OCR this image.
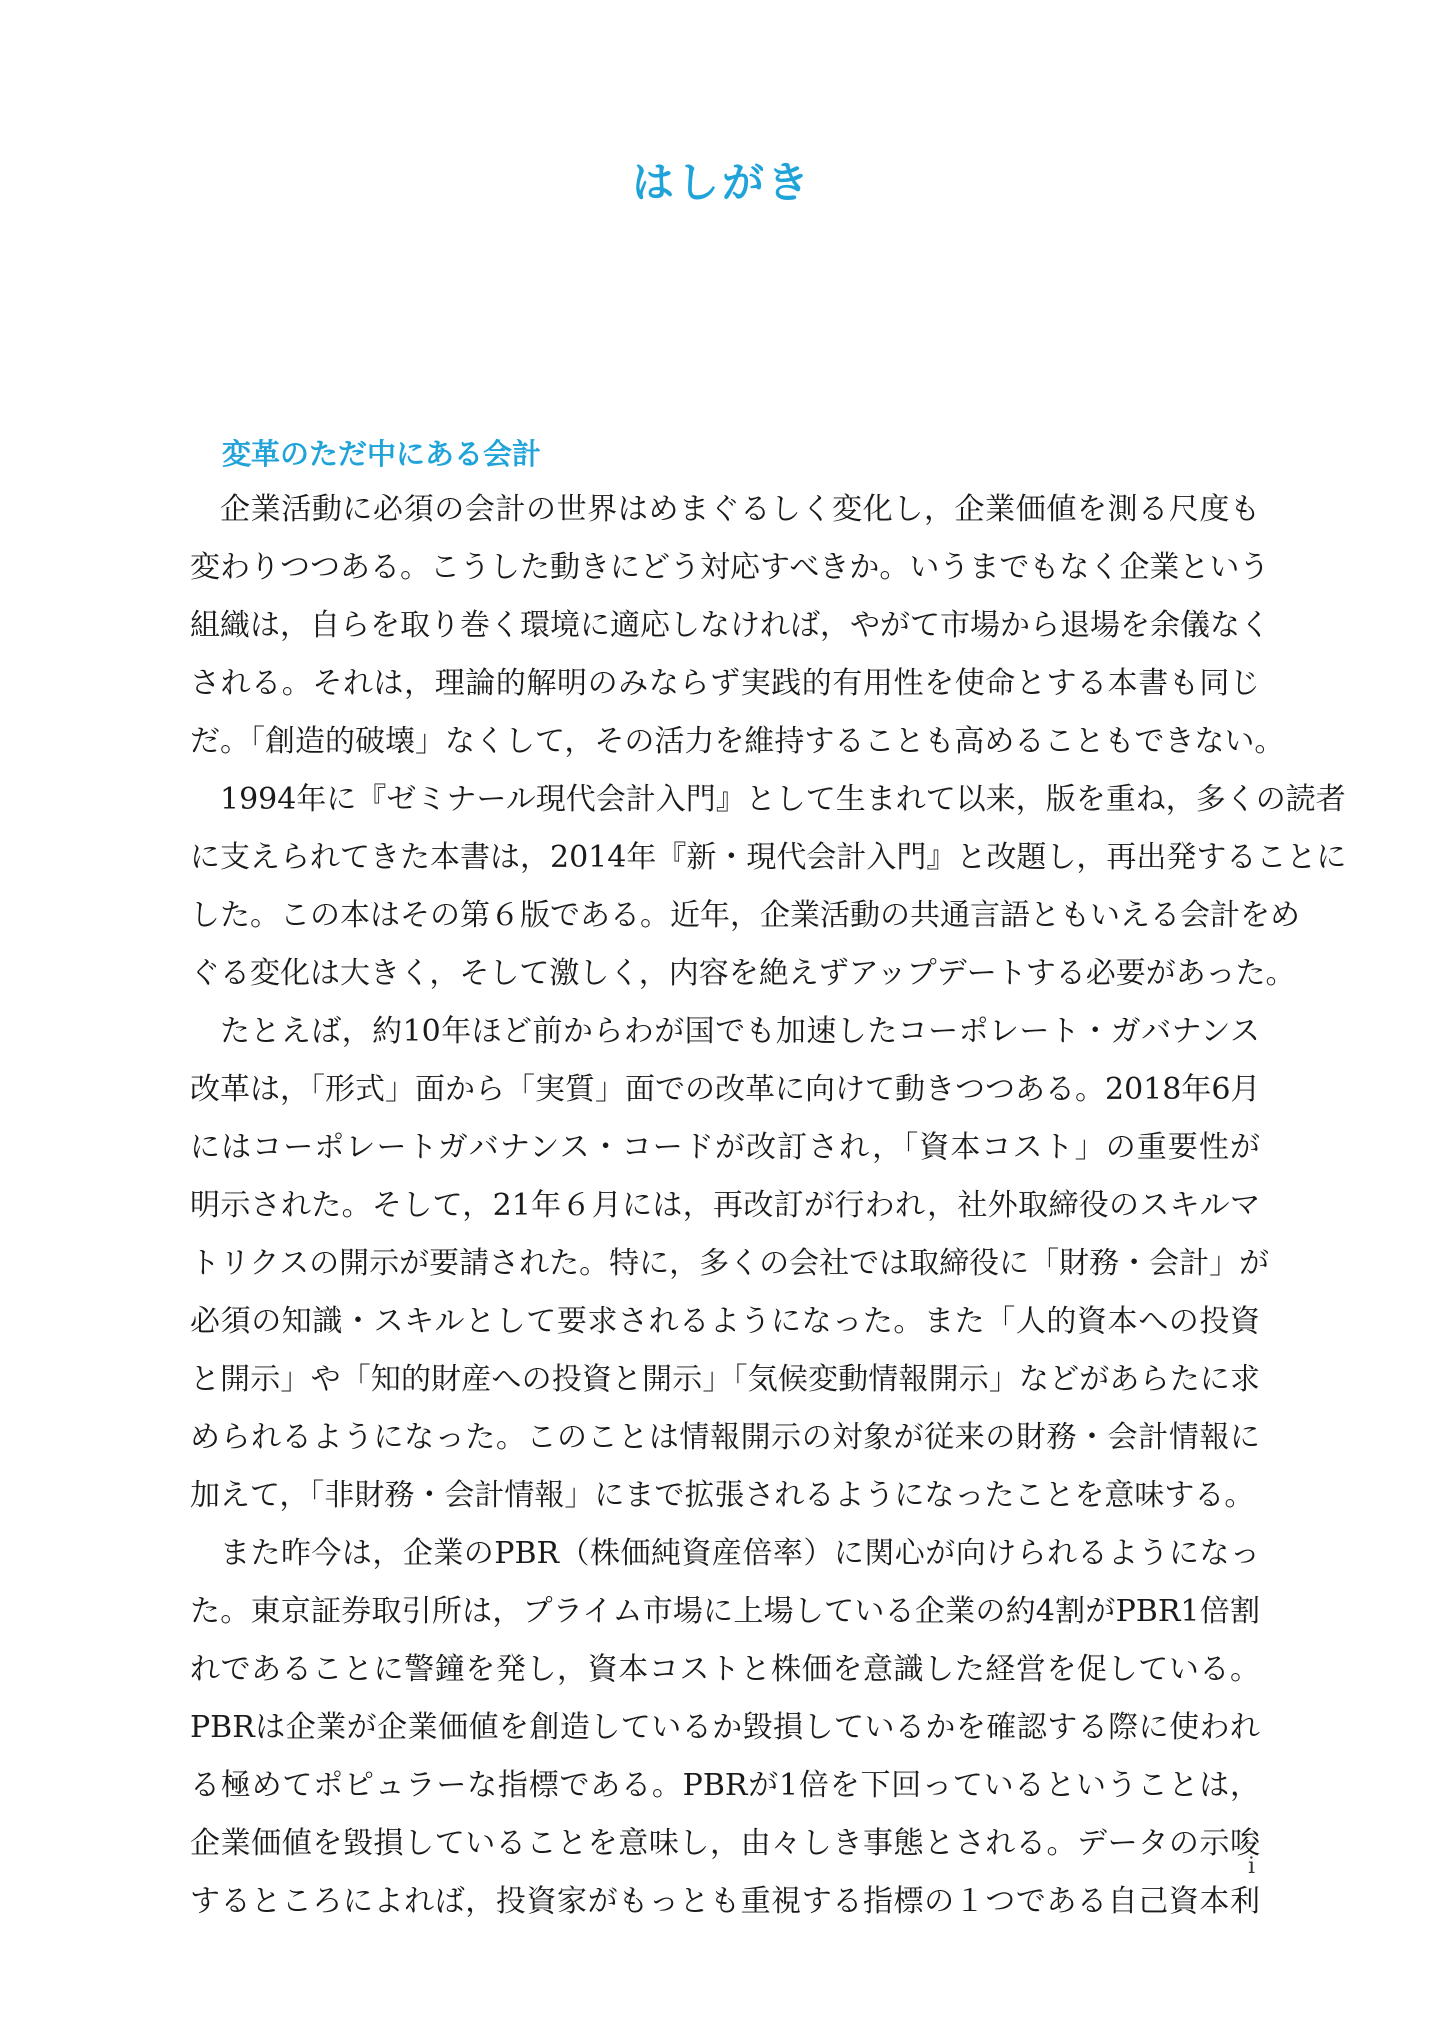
はしがき
変革のただ中にある会計
企業活動に必須の会計の世界はめまぐるしく変化し，企業価値を測る尺度も
変わりつつある。こうした動きにどう対応すべきか。いうまでもなく企業という
組織は，自らを取り巻く環境に適応しなければ，やがて市場から退場を余儀なく
される。それは，理論的解明のみならず実践的有用性を使命とする本書も同じ
だ。「創造的破壊」なくして，その活力を維持することも高めることもできない。
1994年に『ゼミナール現代会計入門』として生まれて以来，版を重ね，多くの読者
に支えられてきた本書は，2014年『新・現代会計入門』と改題し，再出発することに
した。この本はその第６版である。近年，企業活動の共通言語ともいえる会計をめ
ぐる変化は大きく，そして激しく，内容を絶えずアップデートする必要があった。
たとえば，約10年ほど前からわが国でも加速したコーポレート・ガバナンス
改革は，「形式」面から「実質」面での改革に向けて動きつつある。2018年6月
にはコーポレートガバナンス・コードが改訂され，「資本コスト」の重要性が
明示された。そして，21年６月には，再改訂が行われ，社外取締役のスキルマ
トリクスの開示が要請された。特に，多くの会社では取締役に「財務・会計」が
必須の知識・スキルとして要求されるようになった。また「人的資本への投資
と開示」や「知的財産への投資と開示」「気候変動情報開示」などがあらたに求
められるようになった。このことは情報開示の対象が従来の財務・会計情報に
加えて，「非財務・会計情報」にまで拡張されるようになったことを意味する。
また昨今は，企業のPBR（株価純資産倍率）に関心が向けられるようになっ
た。東京証券取引所は，プライム市場に上場している企業の約4割がPBR1倍割
れであることに警鐘を発し，資本コストと株価を意識した経営を促している。
PBRは企業が企業価値を創造しているか毀損しているかを確認する際に使われ
る極めてポピュラーな指標である。PBRが1倍を下回っているということは，
企業価値を毀損していることを意味し，由々しき事態とされる。データの示唆
するところによれば，投資家がもっとも重視する指標の１つである自己資本利
i
